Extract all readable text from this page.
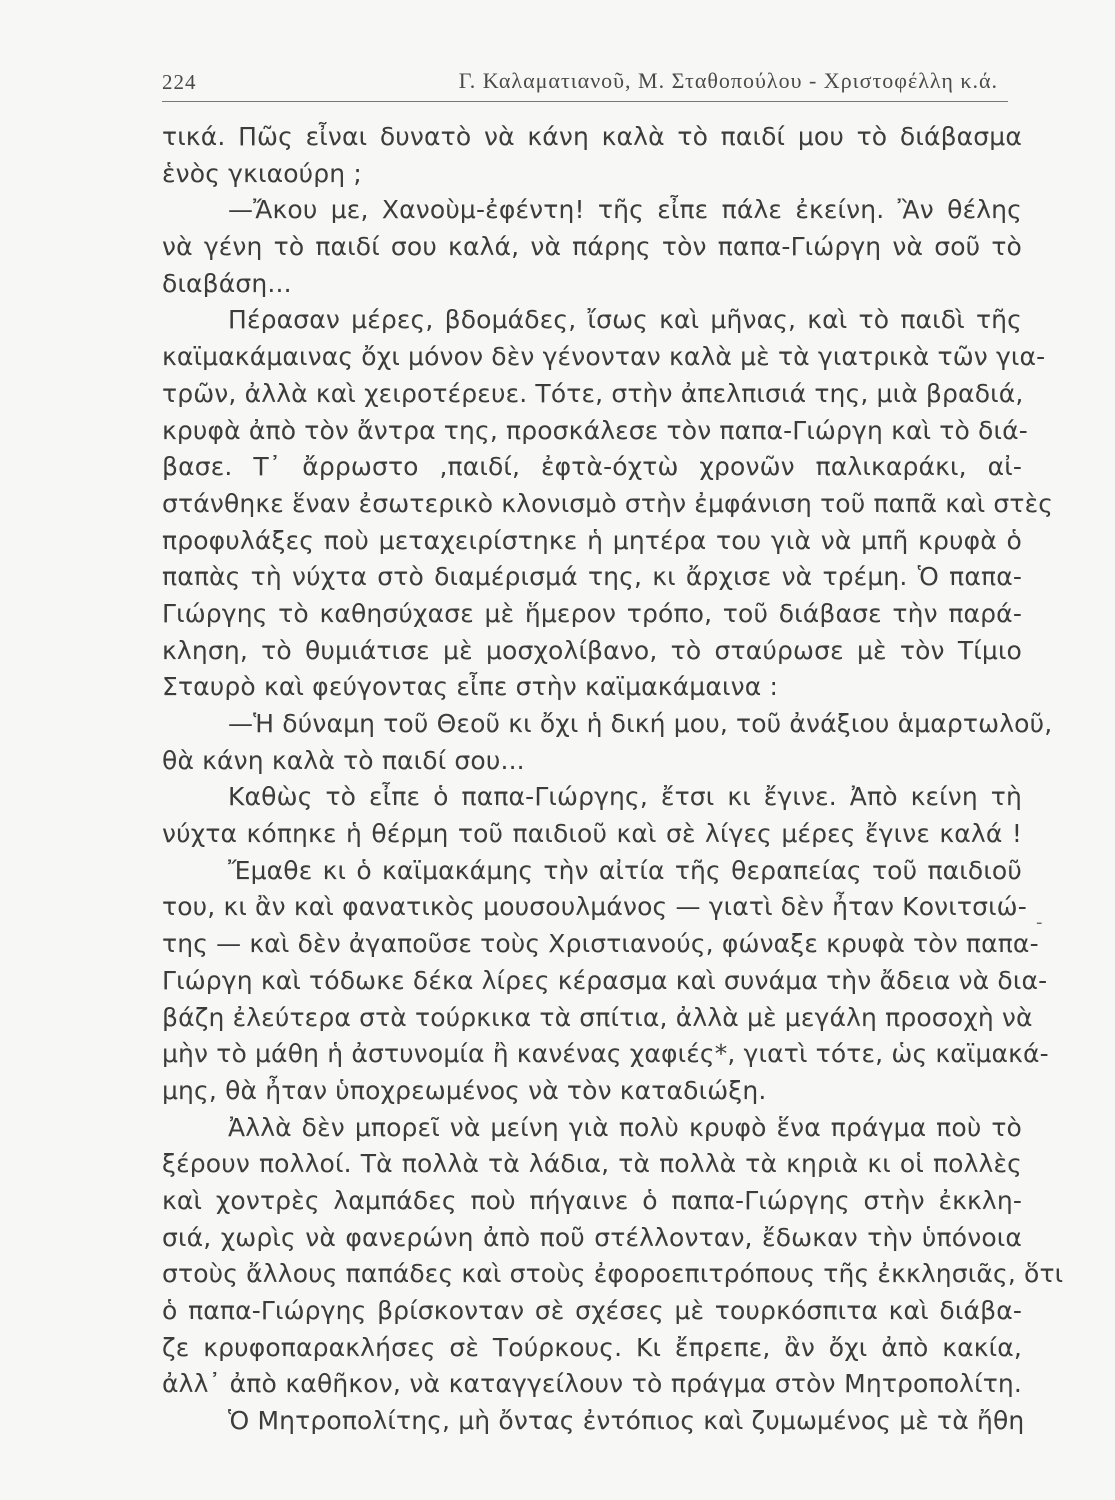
224	Γ. Καλαματιανοῦ, Μ. Σταθοπούλου - Χριστοφέλλη κ.ά.
τικά. Πῶς εἶναι δυνατὸ νὰ κάνη καλὰ τὸ παιδί μου τὸ διάβασμα
ἑνὸς γκιαούρη ;
—Ἄκου με, Χανοὺμ-ἐφέντη! τῆς εἶπε πάλε ἐκείνη. Ἂν θέλης
νὰ γένη τὸ παιδί σου καλά, νὰ πάρης τὸν παπα-Γιώργη νὰ σοῦ τὸ
διαβάση...
Πέρασαν μέρες, βδομάδες, ἴσως καὶ μῆνας, καὶ τὸ παιδὶ τῆς
καϊμακάμαινας ὄχι μόνον δὲν γένονταν καλὰ μὲ τὰ γιατρικὰ τῶν για-
τρῶν, ἀλλὰ καὶ χειροτέρευε. Τότε, στὴν ἀπελπισιά της, μιὰ βραδιά,
κρυφὰ ἀπὸ τὸν ἄντρα της, προσκάλεσε τὸν παπα-Γιώργη καὶ τὸ διά-
βασε. Τ᾽ ἄρρωστο ,παιδί, ἐφτὰ-όχτὼ χρονῶν παλικαράκι, αἰ-
στάνθηκε ἕναν ἐσωτερικὸ κλονισμὸ στὴν ἐμφάνιση τοῦ παπᾶ καὶ στὲς
προφυλάξες ποὺ μεταχειρίστηκε ἡ μητέρα του γιὰ νὰ μπῆ κρυφὰ ὁ
παπὰς τὴ νύχτα στὸ διαμέρισμά της, κι ἄρχισε νὰ τρέμη. Ὁ παπα-
Γιώργης τὸ καθησύχασε μὲ ἥμερον τρόπο, τοῦ διάβασε τὴν παρά-
κληση, τὸ θυμιάτισε μὲ μοσχολίβανο, τὸ σταύρωσε μὲ τὸν Τίμιο
Σταυρὸ καὶ φεύγοντας εἶπε στὴν καϊμακάμαινα :
—Ἡ δύναμη τοῦ Θεοῦ κι ὄχι ἡ δική μου, τοῦ ἀνάξιου ἁμαρτωλοῦ,
θὰ κάνη καλὰ τὸ παιδί σου...
Καθὼς τὸ εἶπε ὁ παπα-Γιώργης, ἔτσι κι ἔγινε. Ἀπὸ κείνη τὴ
νύχτα κόπηκε ἡ θέρμη τοῦ παιδιοῦ καὶ σὲ λίγες μέρες ἔγινε καλά !
Ἔμαθε κι ὁ καϊμακάμης τὴν αἰτία τῆς θεραπείας τοῦ παιδιοῦ
του, κι ἂν καὶ φανατικὸς μουσουλμάνος — γιατὶ δὲν ἦταν Κονιτσιώ-
της — καὶ δὲν ἀγαποῦσε τοὺς Χριστιανούς, φώναξε κρυφὰ τὸν παπα-
Γιώργη καὶ τόδωκε δέκα λίρες κέρασμα καὶ συνάμα τὴν ἄδεια νὰ δια-
βάζη ἐλεύτερα στὰ τούρκικα τὰ σπίτια, ἀλλὰ μὲ μεγάλη προσοχὴ νὰ
μὴν τὸ μάθη ἡ ἀστυνομία ἢ κανένας χαφιές*, γιατὶ τότε, ὡς καϊμακά-
μης, θὰ ἦταν ὑποχρεωμένος νὰ τὸν καταδιώξη.
Ἀλλὰ δὲν μπορεῖ νὰ μείνη γιὰ πολὺ κρυφὸ ἕνα πράγμα ποὺ τὸ
ξέρουν πολλοί. Τὰ πολλὰ τὰ λάδια, τὰ πολλὰ τὰ κηριὰ κι οἱ πολλὲς
καὶ χοντρὲς λαμπάδες ποὺ πήγαινε ὁ παπα-Γιώργης στὴν ἐκκλη-
σιά, χωρὶς νὰ φανερώνη ἀπὸ ποῦ στέλλονταν, ἔδωκαν τὴν ὑπόνοια
στοὺς ἄλλους παπάδες καὶ στοὺς ἐφοροεπιτρόπους τῆς ἐκκλησιᾶς, ὅτι
ὁ παπα-Γιώργης βρίσκονταν σὲ σχέσες μὲ τουρκόσπιτα καὶ διάβα-
ζε κρυφοπαρακλήσες σὲ Τούρκους. Κι ἔπρεπε, ἂν ὄχι ἀπὸ κακία,
ἀλλ᾽ ἀπὸ καθῆκον, νὰ καταγγείλουν τὸ πράγμα στὸν Μητροπολίτη.
Ὁ Μητροπολίτης, μὴ ὄντας ἐντόπιος καὶ ζυμωμένος μὲ τὰ ἤθη
-
